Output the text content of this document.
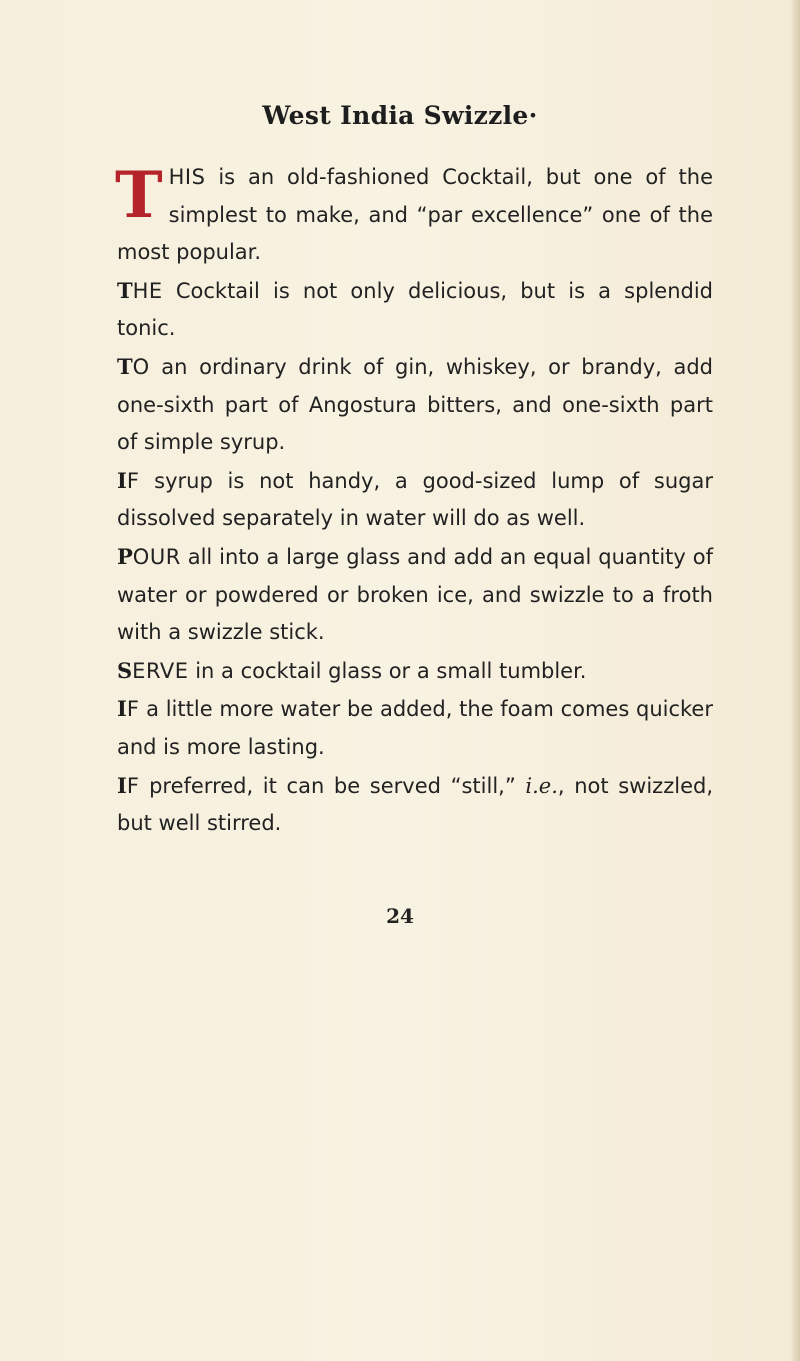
West India Swizzle·

THIS is an old-fashioned Cocktail, but one of the simplest to make, and “par excellence” one of the most popular.

THE Cocktail is not only delicious, but is a splendid tonic.

TO an ordinary drink of gin, whiskey, or brandy, add one-sixth part of Angostura bitters, and one-sixth part of simple syrup.

IF syrup is not handy, a good-sized lump of sugar dissolved separately in water will do as well.

POUR all into a large glass and add an equal quantity of water or powdered or broken ice, and swizzle to a froth with a swizzle stick.

SERVE in a cocktail glass or a small tumbler.

IF a little more water be added, the foam comes quicker and is more lasting.

IF preferred, it can be served “still,” i.e., not swizzled, but well stirred.

24
